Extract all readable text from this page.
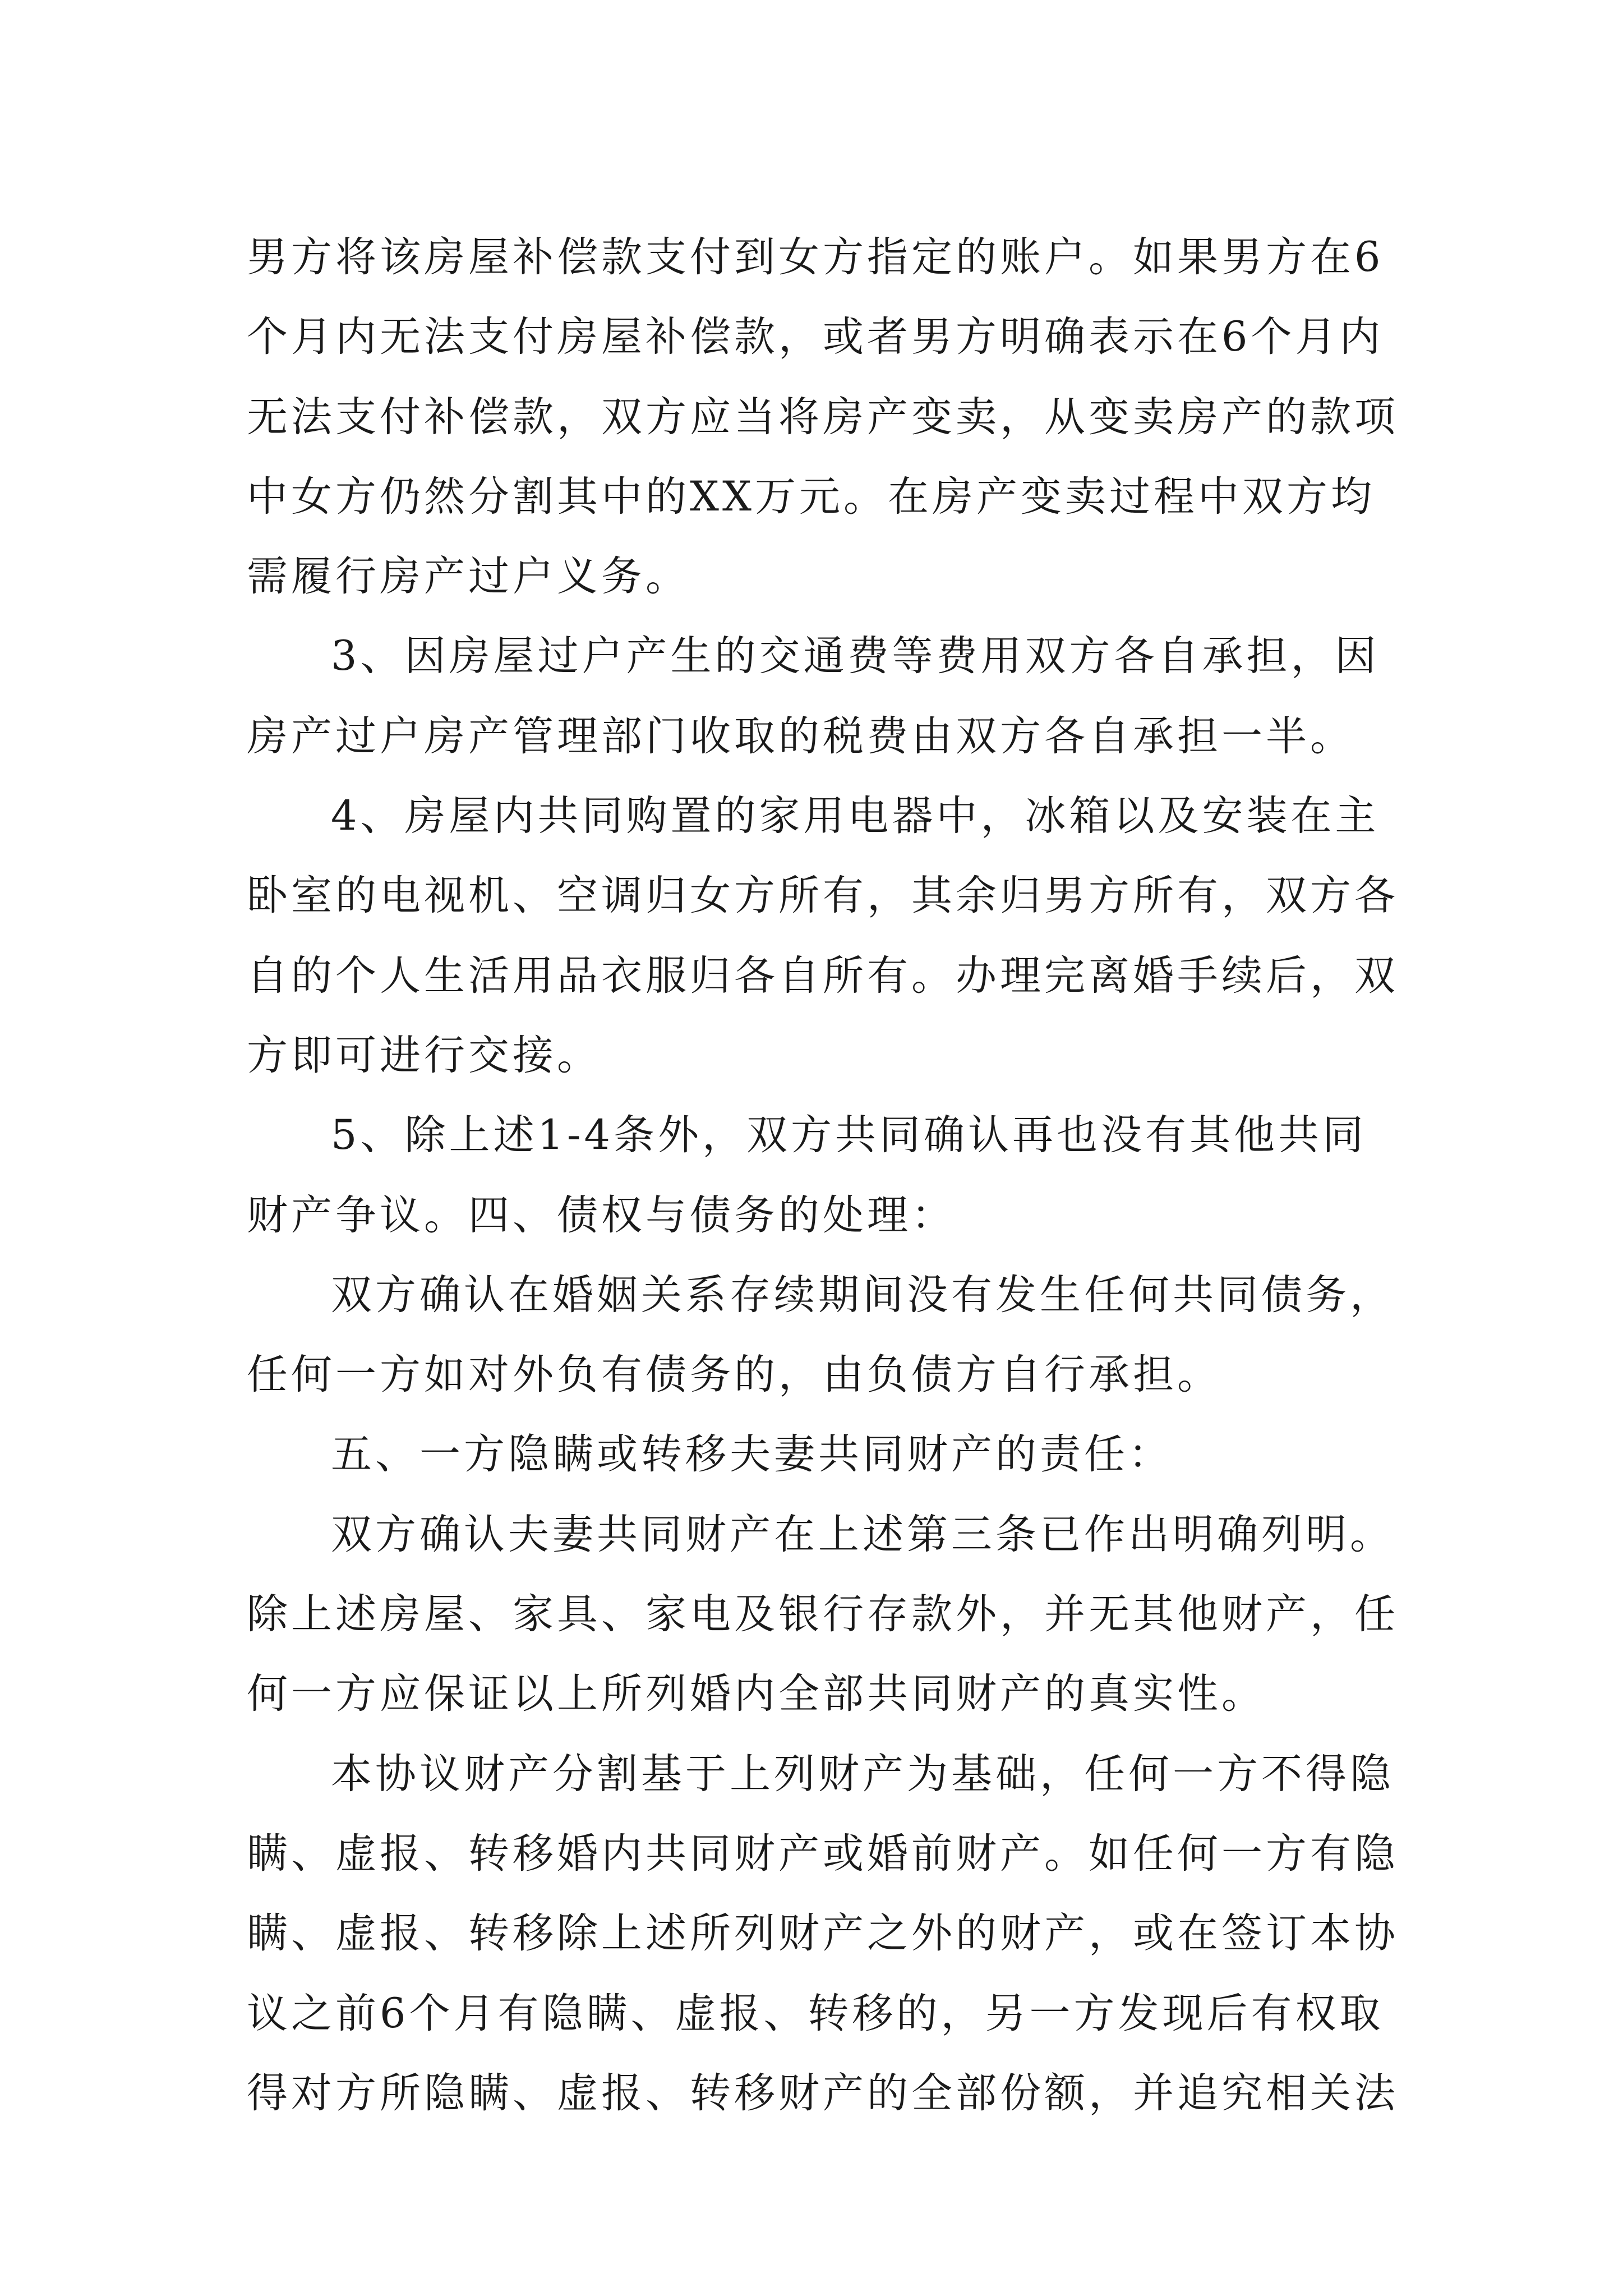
男方将该房屋补偿款支付到女方指定的账户。如果男方在6
个月内无法支付房屋补偿款，或者男方明确表示在6个月内
无法支付补偿款，双方应当将房产变卖，从变卖房产的款项
中女方仍然分割其中的XX万元。在房产变卖过程中双方均
需履行房产过户义务。
3、因房屋过户产生的交通费等费用双方各自承担，因
房产过户房产管理部门收取的税费由双方各自承担一半。
4、房屋内共同购置的家用电器中，冰箱以及安装在主
卧室的电视机、空调归女方所有，其余归男方所有，双方各
自的个人生活用品衣服归各自所有。办理完离婚手续后，双
方即可进行交接。
5、除上述1-4条外，双方共同确认再也没有其他共同
财产争议。四、债权与债务的处理：
双方确认在婚姻关系存续期间没有发生任何共同债务，
任何一方如对外负有债务的，由负债方自行承担。
五、一方隐瞒或转移夫妻共同财产的责任：
双方确认夫妻共同财产在上述第三条已作出明确列明。
除上述房屋、家具、家电及银行存款外，并无其他财产，任
何一方应保证以上所列婚内全部共同财产的真实性。
本协议财产分割基于上列财产为基础，任何一方不得隐
瞒、虚报、转移婚内共同财产或婚前财产。如任何一方有隐
瞒、虚报、转移除上述所列财产之外的财产，或在签订本协
议之前6个月有隐瞒、虚报、转移的，另一方发现后有权取
得对方所隐瞒、虚报、转移财产的全部份额，并追究相关法
